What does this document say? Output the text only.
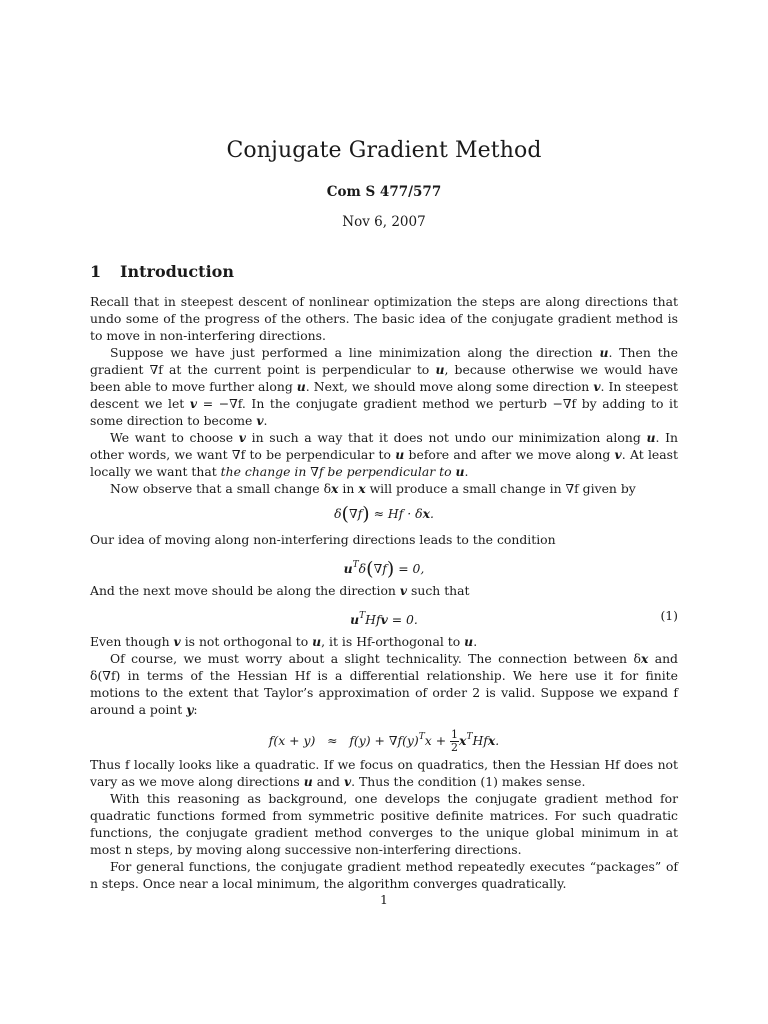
Conjugate Gradient Method
Com S 477/577
Nov 6, 2007
1 Introduction

Recall that in steepest descent of nonlinear optimization the steps are along directions that undo some of the progress of the others. The basic idea of the conjugate gradient method is to move in non-interfering directions.

Suppose we have just performed a line minimization along the direction u. Then the gradient ∇f at the current point is perpendicular to u, because otherwise we would have been able to move further along u. Next, we should move along some direction v. In steepest descent we let v = −∇f. In the conjugate gradient method we perturb −∇f by adding to it some direction to become v.

We want to choose v in such a way that it does not undo our minimization along u. In other words, we want ∇f to be perpendicular to u before and after we move along v. At least locally we want that the change in ∇f be perpendicular to u.

Now observe that a small change δx in x will produce a small change in ∇f given by

δ(∇f) ≈ Hf · δx.

Our idea of moving along non-interfering directions leads to the condition

$u^T\delta(\nabla f) = 0$,

And the next move should be along the direction v such that

$u^THfv = 0$.	(1)

Even though v is not orthogonal to u, it is Hf-orthogonal to u.

Of course, we must worry about a slight technicality. The connection between δx and δ(∇f) in terms of the Hessian Hf is a differential relationship. We here use it for finite motions to the extent that Taylor’s approximation of order 2 is valid. Suppose we expand f around a point y:

$f(x + y) \approx f(y) + \nabla f(y)^Tx + \frac{1}{2} x^THfx$.

Thus f locally looks like a quadratic. If we focus on quadratics, then the Hessian Hf does not vary as we move along directions u and v. Thus the condition (1) makes sense.

With this reasoning as background, one develops the conjugate gradient method for quadratic functions formed from symmetric positive definite matrices. For such quadratic functions, the conjugate gradient method converges to the unique global minimum in at most n steps, by moving along successive non-interfering directions.

For general functions, the conjugate gradient method repeatedly executes “packages” of n steps. Once near a local minimum, the algorithm converges quadratically.

1
